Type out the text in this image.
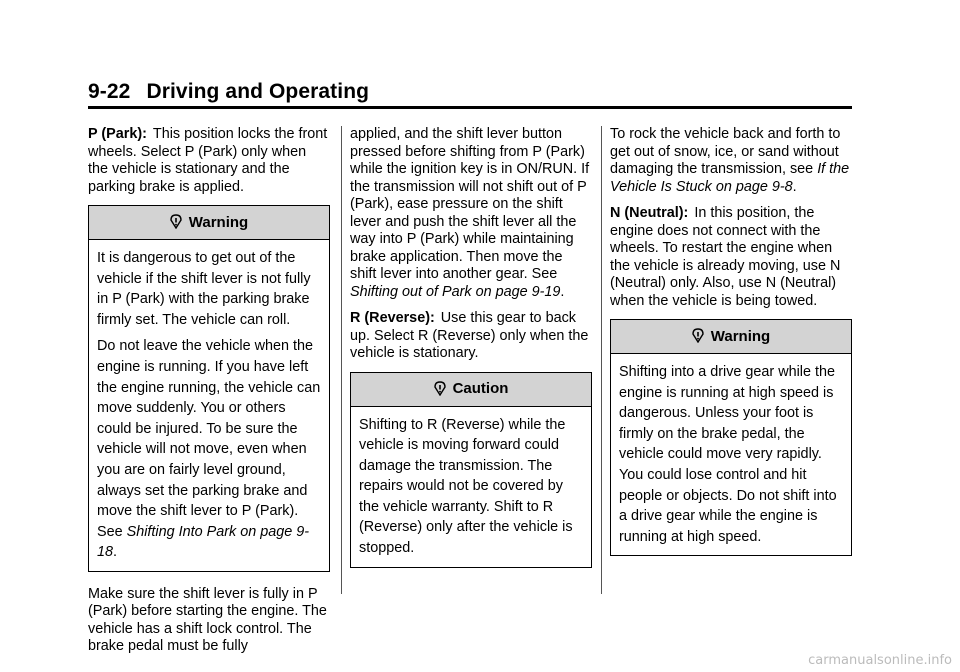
9-22 Driving and Operating

P (Park): This position locks the front wheels. Select P (Park) only when the vehicle is stationary and the parking brake is applied.

Warning

It is dangerous to get out of the vehicle if the shift lever is not fully in P (Park) with the parking brake firmly set. The vehicle can roll.

Do not leave the vehicle when the engine is running. If you have left the engine running, the vehicle can move suddenly. You or others could be injured. To be sure the vehicle will not move, even when you are on fairly level ground, always set the parking brake and move the shift lever to P (Park). See Shifting Into Park on page 9-18.

Make sure the shift lever is fully in P (Park) before starting the engine. The vehicle has a shift lock control. The brake pedal must be fully

applied, and the shift lever button pressed before shifting from P (Park) while the ignition key is in ON/RUN. If the transmission will not shift out of P (Park), ease pressure on the shift lever and push the shift lever all the way into P (Park) while maintaining brake application. Then move the shift lever into another gear. See Shifting out of Park on page 9-19.

R (Reverse): Use this gear to back up. Select R (Reverse) only when the vehicle is stationary.

Caution

Shifting to R (Reverse) while the vehicle is moving forward could damage the transmission. The repairs would not be covered by the vehicle warranty. Shift to R (Reverse) only after the vehicle is stopped.

To rock the vehicle back and forth to get out of snow, ice, or sand without damaging the transmission, see If the Vehicle Is Stuck on page 9-8.

N (Neutral): In this position, the engine does not connect with the wheels. To restart the engine when the vehicle is already moving, use N (Neutral) only. Also, use N (Neutral) when the vehicle is being towed.

Warning

Shifting into a drive gear while the engine is running at high speed is dangerous. Unless your foot is firmly on the brake pedal, the vehicle could move very rapidly. You could lose control and hit people or objects. Do not shift into a drive gear while the engine is running at high speed.

carmanualsonline.info
